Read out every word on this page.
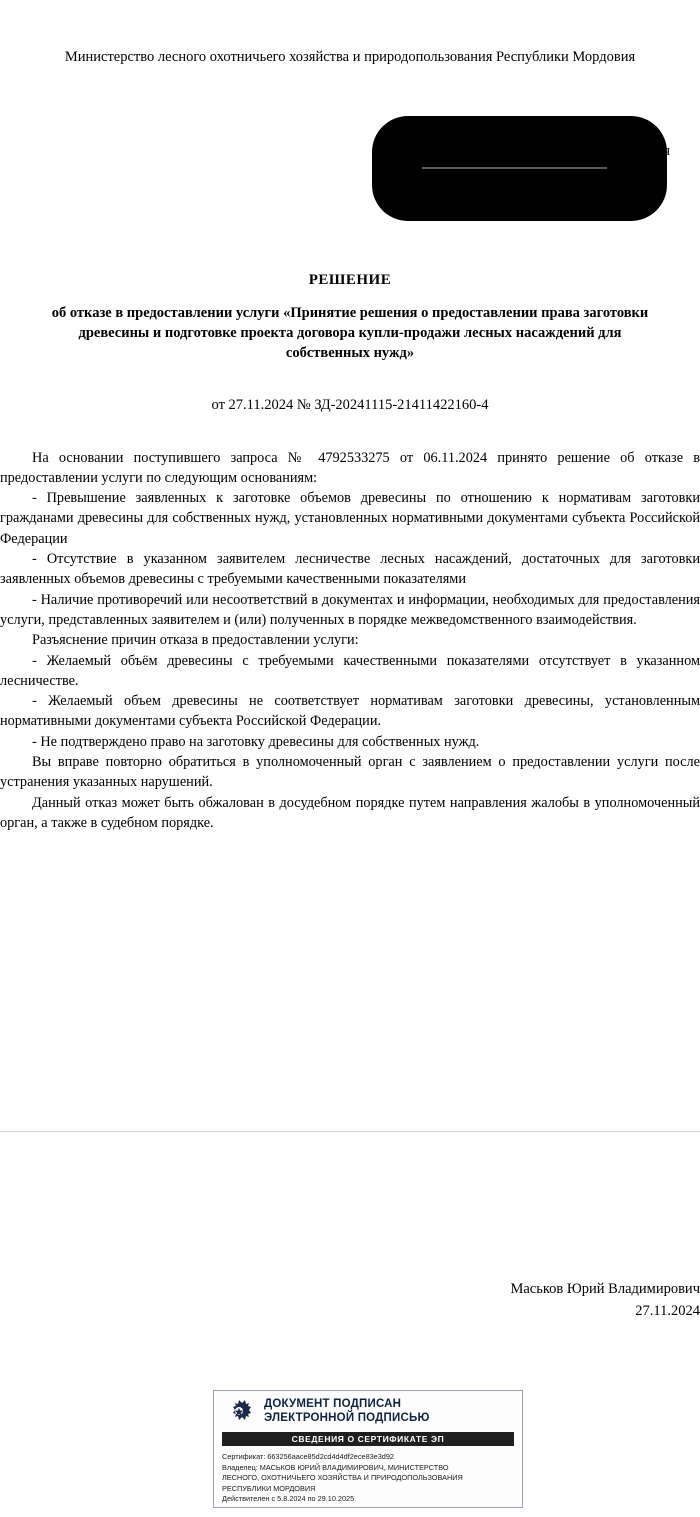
Министерство лесного охотничьего хозяйства и природопользования Республики Мордовия
ич
РЕШЕНИЕ
об отказе в предоставлении услуги «Принятие решения о предоставлении права заготовки древесины и подготовке проекта договора купли-продажи лесных насаждений для собственных нужд»
от 27.11.2024 № ЗД-20241115-21411422160-4

На основании поступившего запроса № 4792533275 от 06.11.2024 принято решение об отказе в предоставлении услуги по следующим основаниям:

- Превышение заявленных к заготовке объемов древесины по отношению к нормативам заготовки гражданами древесины для собственных нужд, установленных нормативными документами субъекта Российской Федерации

- Отсутствие в указанном заявителем лесничестве лесных насаждений, достаточных для заготовки заявленных объемов древесины с требуемыми качественными показателями

- Наличие противоречий или несоответствий в документах и информации, необходимых для предоставления услуги, представленных заявителем и (или) полученных в порядке межведомственного взаимодействия.

Разъяснение причин отказа в предоставлении услуги:

- Желаемый объём древесины с требуемыми качественными показателями отсутствует в указанном лесничестве.

- Желаемый объем древесины не соответствует нормативам заготовки древесины, установленным нормативными документами субъекта Российской Федерации.

- Не подтверждено право на заготовку древесины для собственных нужд.

Вы вправе повторно обратиться в уполномоченный орган с заявлением о предоставлении услуги после устранения указанных нарушений.

Данный отказ может быть обжалован в досудебном порядке путем направления жалобы в уполномоченный орган, а также в судебном порядке.

Маськов Юрий Владимирович
27.11.2024
ДОКУМЕНТ ПОДПИСАН
ЭЛЕКТРОННОЙ ПОДПИСЬЮ
СВЕДЕНИЯ О СЕРТИФИКАТЕ ЭП
Сертификат: 663256aace85d2cd4d4df2ece83e3d92
Владелец: МАСЬКОВ ЮРИЙ ВЛАДИМИРОВИЧ, МИНИСТЕРСТВО
ЛЕСНОГО, ОХОТНИЧЬЕГО ХОЗЯЙСТВА И ПРИРОДОПОЛЬЗОВАНИЯ
РЕСПУБЛИКИ МОРДОВИЯ
Действителен с 5.8.2024 по 29.10.2025
